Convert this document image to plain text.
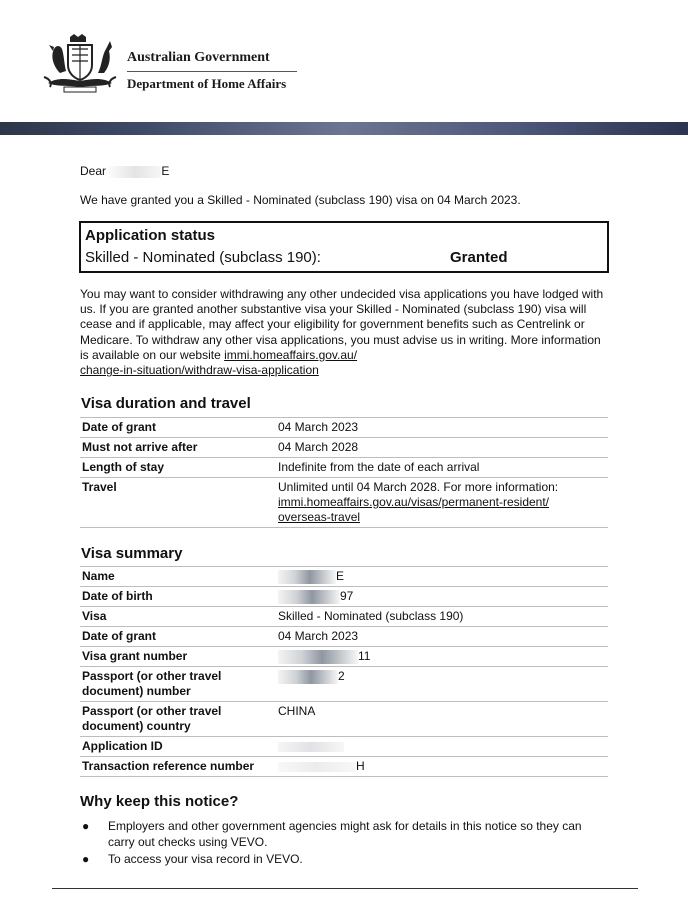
Australian Government
Department of Home Affairs
Dear	E
We have granted you a Skilled - Nominated (subclass 190) visa on 04 March 2023.
Application status
Skilled - Nominated (subclass 190):	Granted
You may want to consider withdrawing any other undecided visa applications you have lodged with us. If you are granted another substantive visa your Skilled - Nominated (subclass 190) visa will cease and if applicable, may affect your eligibility for government benefits such as Centrelink or Medicare. To withdraw any other visa applications, you must advise us in writing. More information is available on our website immi.homeaffairs.gov.au/
change-in-situation/withdraw-visa-application
Visa duration and travel
Date of grant	04 March 2023
Must not arrive after	04 March 2028
Length of stay	Indefinite from the date of each arrival
Travel	Unlimited until 04 March 2028. For more information:
immi.homeaffairs.gov.au/visas/permanent-resident/
overseas-travel
Visa summary
Name	E
Date of birth	97
Visa	Skilled - Nominated (subclass 190)
Date of grant	04 March 2023
Visa grant number	11
Passport (or other travel
document) number	2
Passport (or other travel
document) country	CHINA
Application ID	
Transaction reference number	H
Why keep this notice?
● Employers and other government agencies might ask for details in this notice so they can carry out checks using VEVO.
● To access your visa record in VEVO.
